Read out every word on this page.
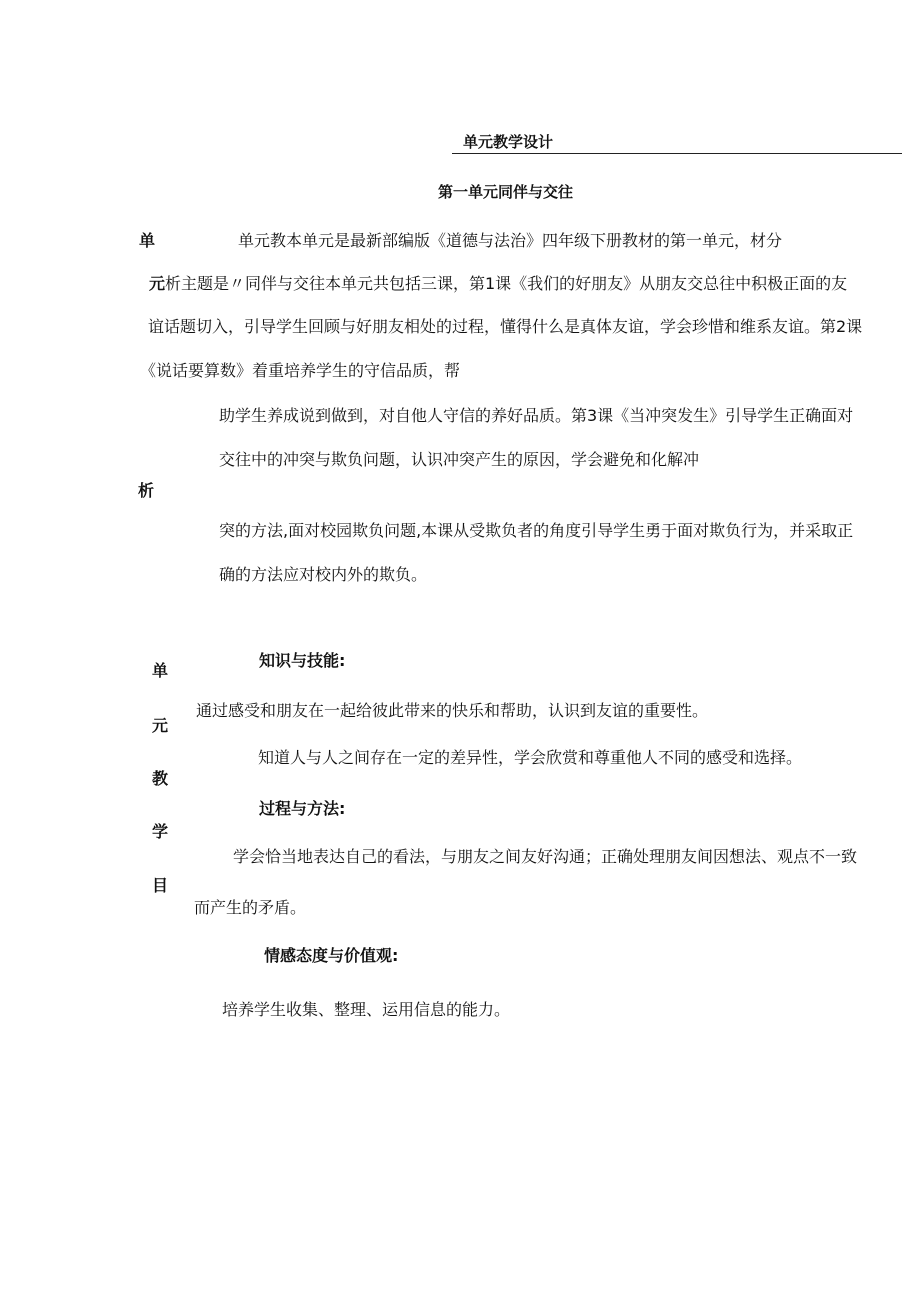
单元教学设计
第一单元同伴与交往
单	单元教本单元是最新部编版《道德与法治》四年级下册教材的第一单元，材分
元 析主题是〃同伴与交往本单元共包括三课，第1课《我们的好朋友》从朋友交总往中积极正面的友
谊话题切入，引导学生回顾与好朋友相处的过程，懂得什么是真体友谊，学会珍惜和维系友谊。第2课
《说话要算数》着重培养学生的守信品质，帮
助学生养成说到做到，对自他人守信的养好品质。第3课《当冲突发生》引导学生正确面对
交往中的冲突与欺负问题，认识冲突产生的原因，学会避免和化解冲
析
突的方法,面对校园欺负问题,本课从受欺负者的角度引导学生勇于面对欺负行为，并采取正
确的方法应对校内外的欺负。
单
元
教
学
目
知识与技能:
通过感受和朋友在一起给彼此带来的快乐和帮助，认识到友谊的重要性。
知道人与人之间存在一定的差异性，学会欣赏和尊重他人不同的感受和选择。
过程与方法:
学会恰当地表达自己的看法，与朋友之间友好沟通；正确处理朋友间因想法、观点不一致
而产生的矛盾。
情感态度与价值观:
培养学生收集、整理、运用信息的能力。
